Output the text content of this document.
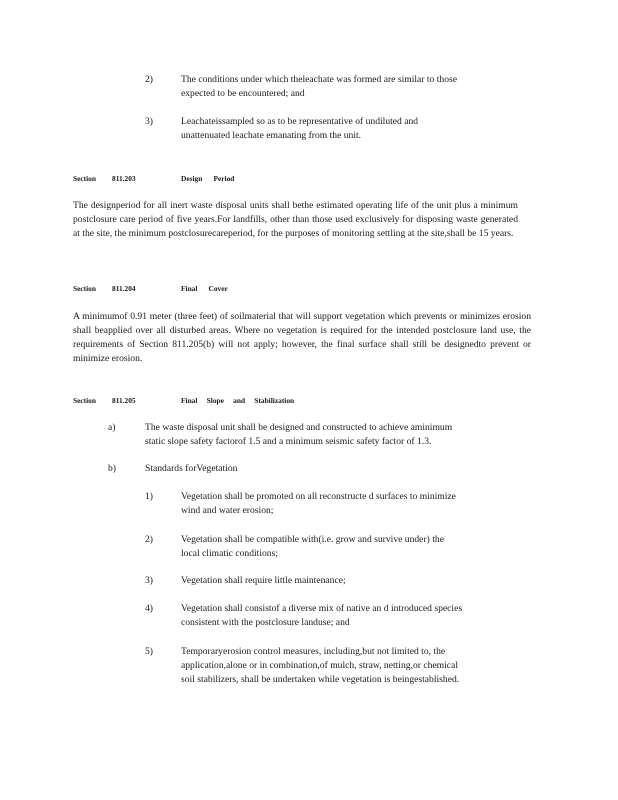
2)	The conditions under which theleachate was formed are similar to those

expected to be encountered; and

3)	Leachateissampled so as to be representative of undiluted and

unattenuated leachate emanating from the unit.

Section 811.203	Design      Period

The designperiod for all inert waste disposal units shall bethe estimated operating life of the unit plus a minimum postclosure care period of five years.For landfills, other than those used exclusively for disposing waste generated at the site, the minimum postclosurecareperiod, for the purposes of monitoring settling at the site,shall be 15 years.

Section 811.204	Final      Cover

A minimumof 0.91 meter (three feet) of soilmaterial that will support vegetation which prevents or minimizes erosion shall beapplied over all disturbed areas. Where no vegetation is required for the intended postclosure land use, the requirements of Section 811.205(b) will not apply; however, the final surface shall still be designedto prevent or minimize erosion.

Section 811.205	Final     Slope     and     Stabilization

a)	The waste disposal unit shall be designed and constructed to achieve aminimum

static slope safety factorof 1.5 and a minimum seismic safety factor of 1.3.

b)	Standards forVegetation

1)	Vegetation shall be promoted on all reconstructe d surfaces to minimize

wind and water erosion;

2)	Vegetation shall be compatible with(i.e. grow and survive under) the

local climatic conditions;

3)	Vegetation shall require little maintenance;

4)	Vegetation shall consistof a diverse mix of native an d introduced species

consistent with the postclosure landuse; and

5)	Temporaryerosion control measures, including,but not limited to, the

application,alone or in combination,of mulch, straw, netting,or chemical

soil stabilizers, shall be undertaken while vegetation is beingestablished.
